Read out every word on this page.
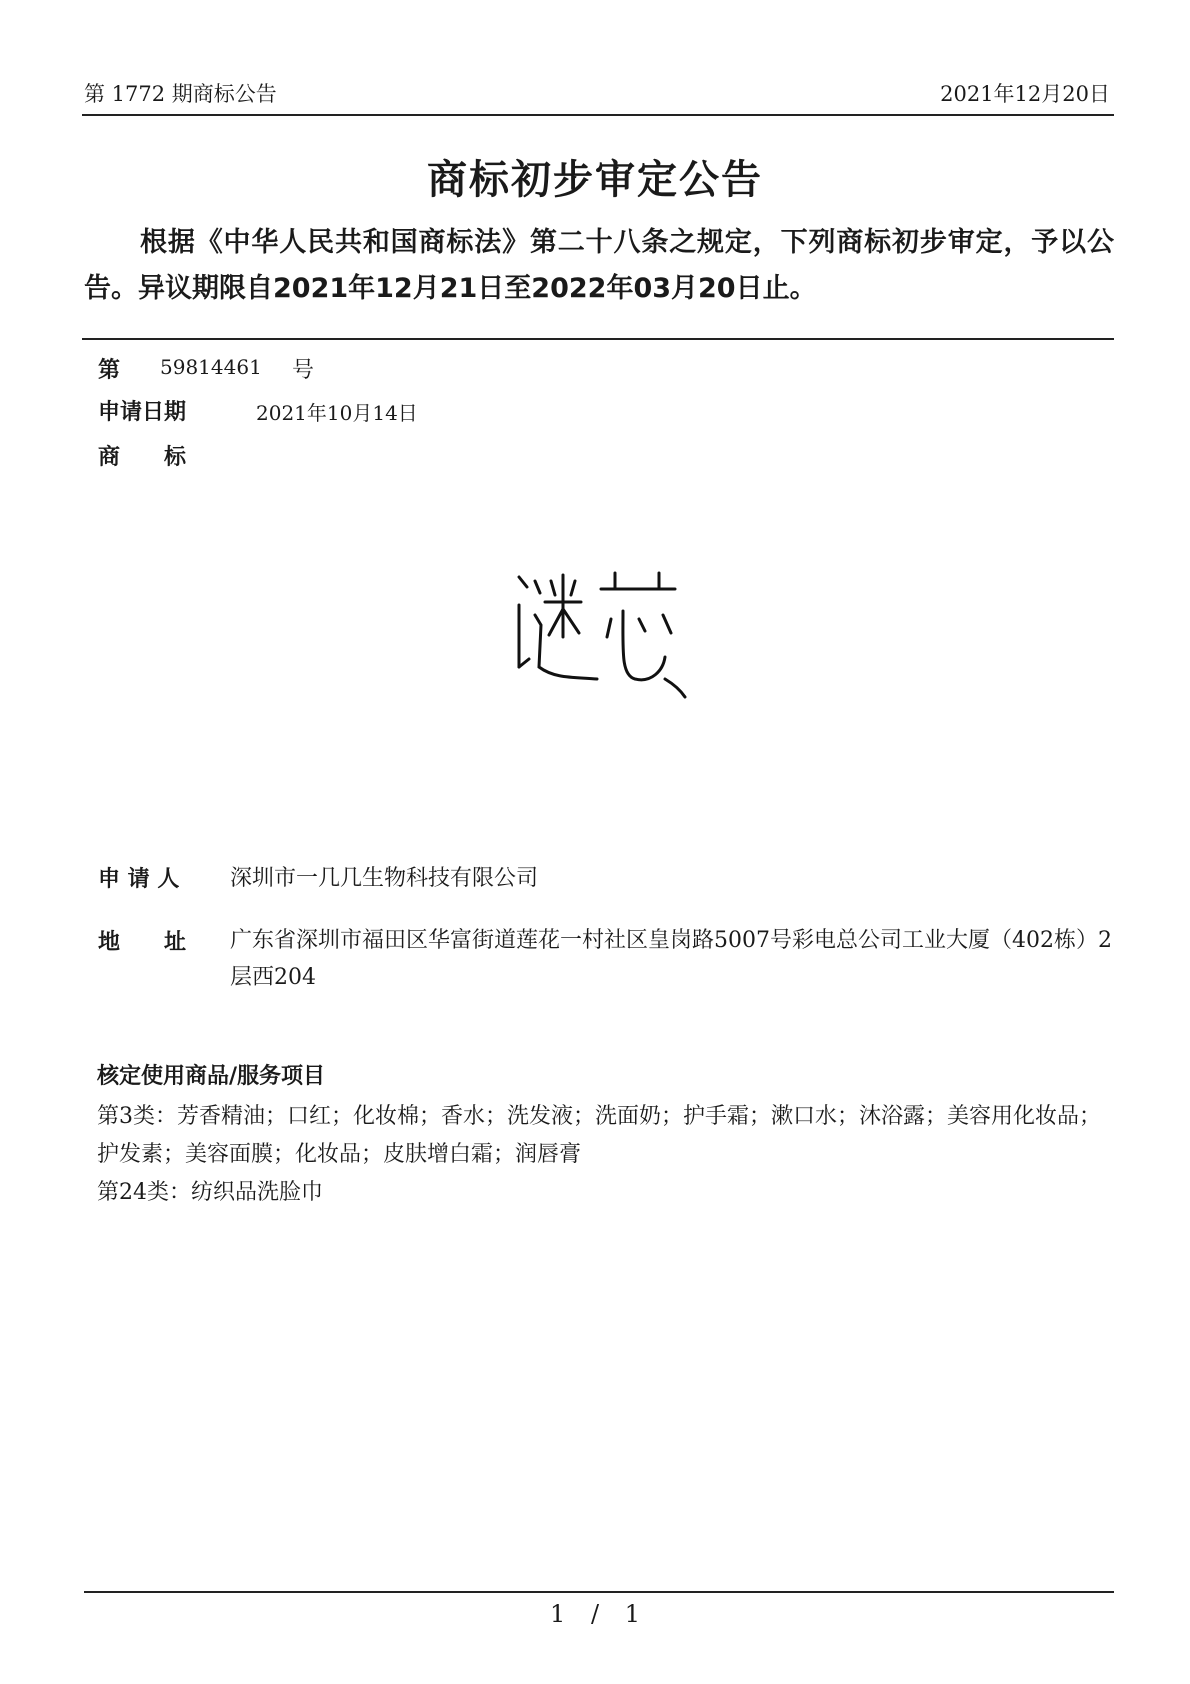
第 1772 期商标公告	2021年12月20日
商标初步审定公告
根据《中华人民共和国商标法》第二十八条之规定，下列商标初步审定，予以公告。异议期限自2021年12月21日至2022年03月20日止。
第 59814461 号
申请日期	2021年10月14日
商　　标
申 请 人 深圳市一几几生物科技有限公司
地　　址 广东省深圳市福田区华富街道莲花一村社区皇岗路5007号彩电总公司工业大厦（402栋）2层西204
核定使用商品/服务项目
第3类：芳香精油；口红；化妆棉；香水；洗发液；洗面奶；护手霜；漱口水；沐浴露；美容用化妆品；护发素；美容面膜；化妆品；皮肤增白霜；润唇膏
第24类：纺织品洗脸巾
1 / 1
